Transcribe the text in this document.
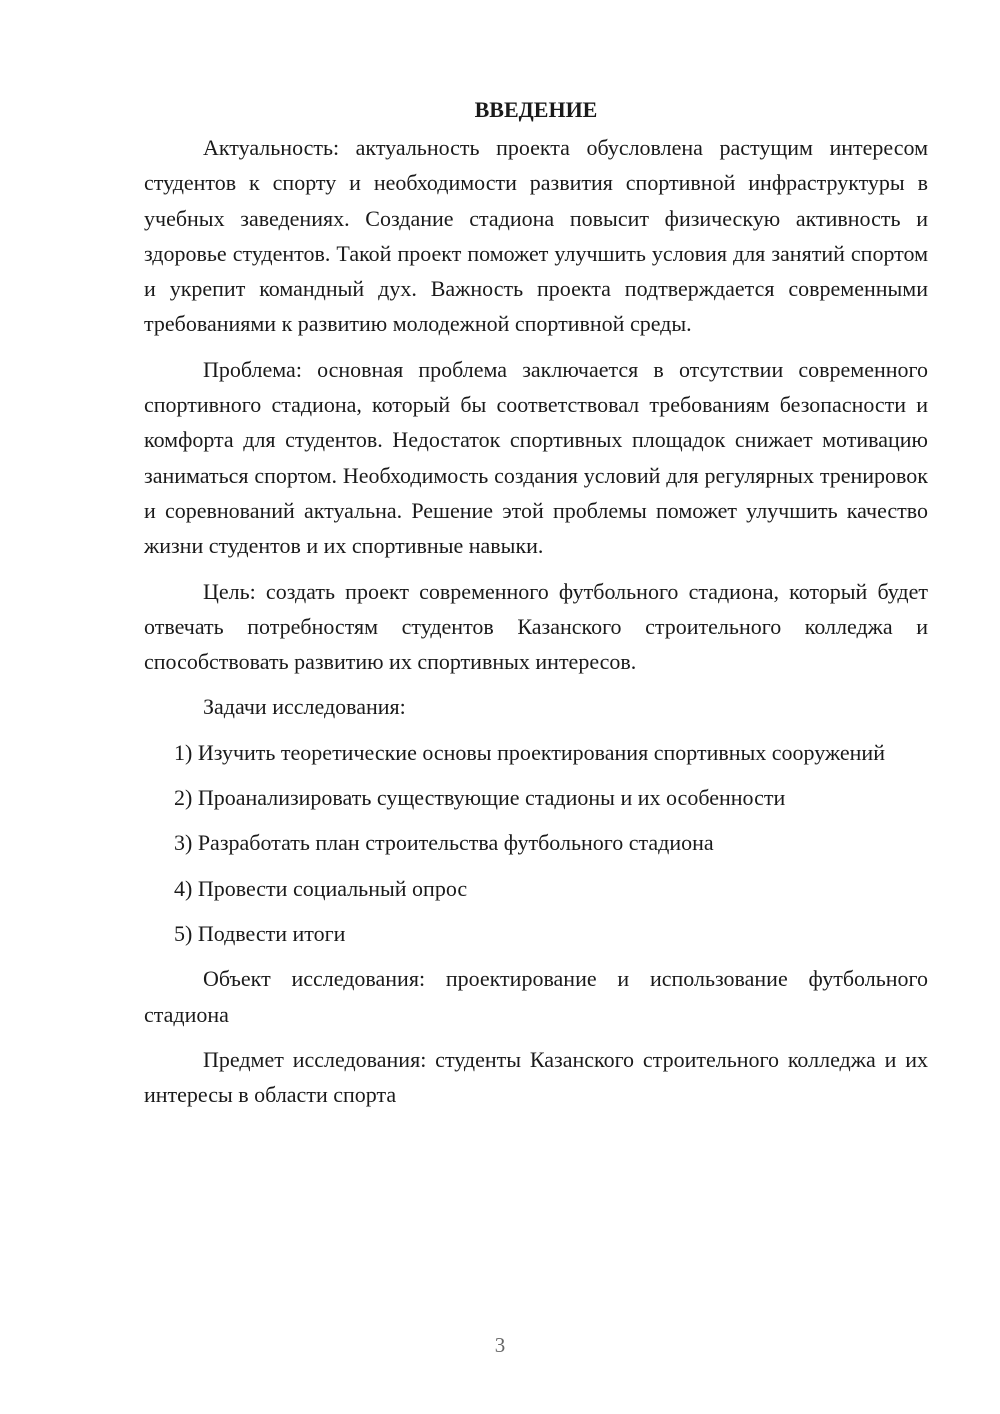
ВВЕДЕНИЕ

Актуальность: актуальность проекта обусловлена растущим интересом студентов к спорту и необходимости развития спортивной инфраструктуры в учебных заведениях. Создание стадиона повысит физическую активность и здоровье студентов. Такой проект поможет улучшить условия для занятий спортом и укрепит командный дух. Важность проекта подтверждается современными требованиями к развитию молодежной спортивной среды.

Проблема: основная проблема заключается в отсутствии современного спортивного стадиона, который бы соответствовал требованиям безопасности и комфорта для студентов. Недостаток спортивных площадок снижает мотивацию заниматься спортом. Необходимость создания условий для регулярных тренировок и соревнований актуальна. Решение этой проблемы поможет улучшить качество жизни студентов и их спортивные навыки.

Цель: создать проект современного футбольного стадиона, который будет отвечать потребностям студентов Казанского строительного колледжа и способствовать развитию их спортивных интересов.

Задачи исследования:

1) Изучить теоретические основы проектирования спортивных сооружений
2) Проанализировать существующие стадионы и их особенности
3) Разработать план строительства футбольного стадиона
4) Провести социальный опрос
5) Подвести итоги

Объект исследования: проектирование и использование футбольного стадиона

Предмет исследования: студенты Казанского строительного колледжа и их интересы в области спорта

3
